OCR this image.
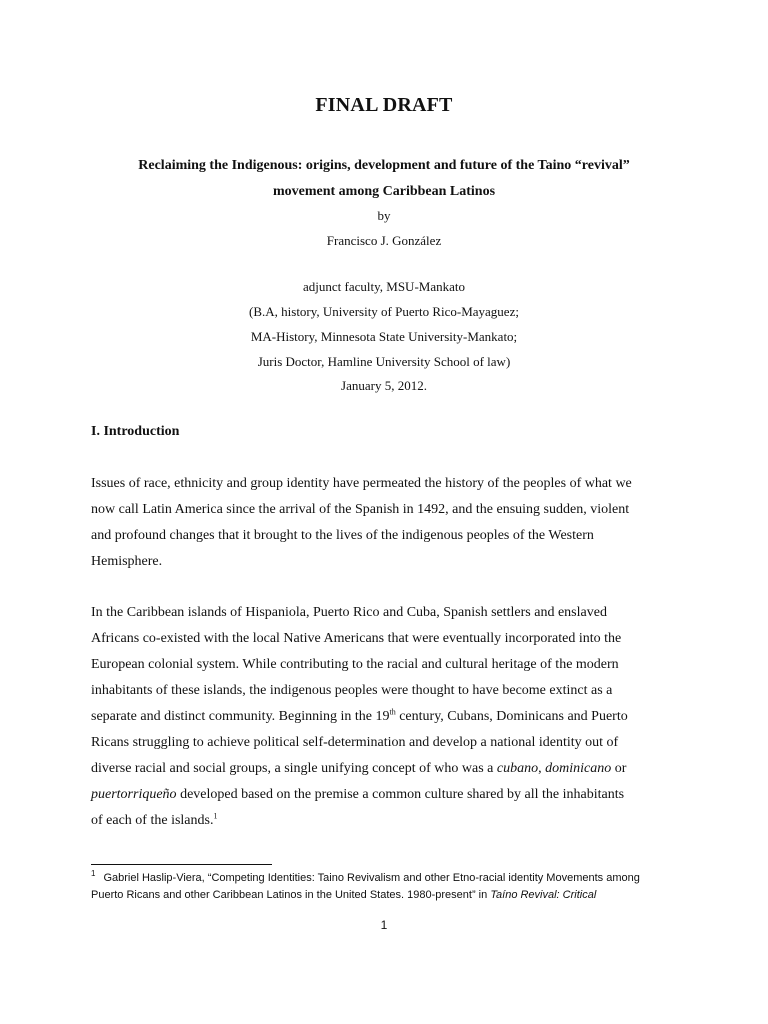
FINAL DRAFT
Reclaiming the Indigenous: origins, development and future of the Taino “revival”
movement among Caribbean Latinos
by
Francisco J. González
adjunct faculty, MSU-Mankato
(B.A, history, University of Puerto Rico-Mayaguez;
MA-History, Minnesota State University-Mankato;
Juris Doctor, Hamline University School of law)
January 5, 2012.
I. Introduction

Issues of race, ethnicity and group identity have permeated the history of the peoples of what we

now call Latin America since the arrival of the Spanish in 1492, and the ensuing sudden, violent

and profound changes that it brought to the lives of the indigenous peoples of the Western

Hemisphere.

In the Caribbean islands of Hispaniola, Puerto Rico and Cuba, Spanish settlers and enslaved

Africans co-existed with the local Native Americans that were eventually incorporated into the

European colonial system. While contributing to the racial and cultural heritage of the modern

inhabitants of these islands, the indigenous peoples were thought to have become extinct as a

separate and distinct community. Beginning in the 19th century, Cubans, Dominicans and Puerto

Ricans struggling to achieve political self-determination and develop a national identity out of

diverse racial and social groups, a single unifying concept of who was a cubano, dominicano or

puertorriqueño developed based on the premise a common culture shared by all the inhabitants

of each of the islands.$^1$

$^1$ Gabriel Haslip-Viera, “Competing Identities: Taino Revivalism and other Etno-racial identity Movements among

Puerto Ricans and other Caribbean Latinos in the United States. 1980-present” in Taíno Revival: Critical

1
